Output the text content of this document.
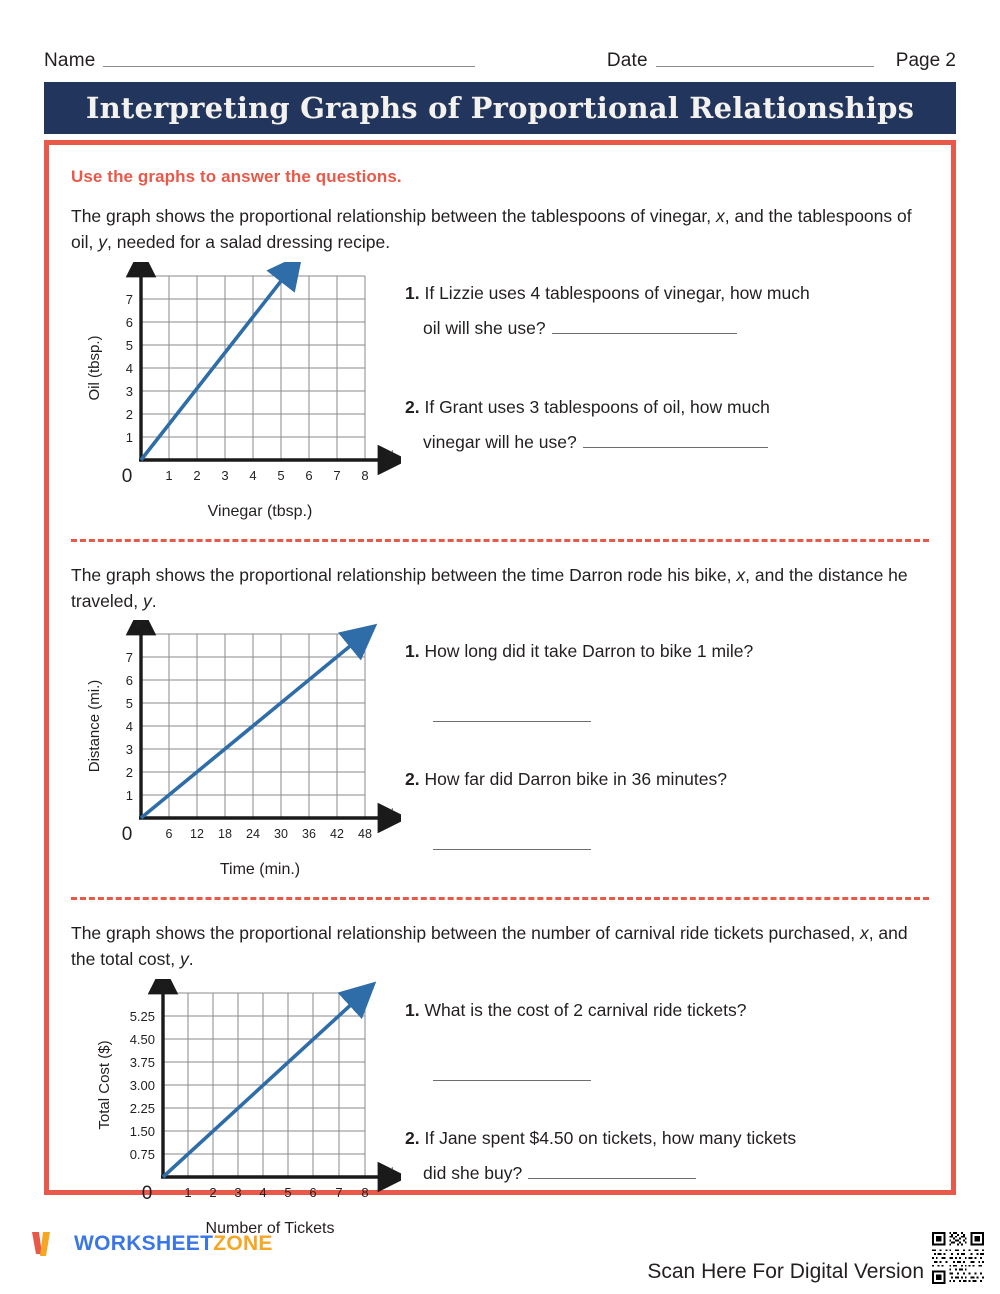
Name	Date	Page 2
Interpreting Graphs of Proportional Relationships
Use the graphs to answer the questions.
The graph shows the proportional relationship between the tablespoons of vinegar, x, and the tablespoons of oil, y, needed for a salad dressing recipe.
y
x
7
6
5
4
3
2
1
1 2 3 4 5 6 7 8
0
Oil (tbsp.)
Vinegar (tbsp.)
1. If Lizzie uses 4 tablespoons of vinegar, how much
oil will she use?
2. If Grant uses 3 tablespoons of oil, how much
vinegar will he use?
The graph shows the proportional relationship between the time Darron rode his bike, x, and the distance he traveled, y.
y
x
7
6
5
4
3
2
1
6 12 18 24 30 36 42 48
0
Distance (mi.)
Time (min.)
1. How long did it take Darron to bike 1 mile?
2. How far did Darron bike in 36 minutes?
The graph shows the proportional relationship between the number of carnival ride tickets purchased, x, and the total cost, y.
y
x
5.25
4.50
3.75
3.00
2.25
1.50
0.75
1 2 3 4 5 6 7 8
0
Total Cost ($)
Number of Tickets
1. What is the cost of 2 carnival ride tickets?
2. If Jane spent $4.50 on tickets, how many tickets
did she buy?
WORKSHEETZONE
Scan Here For Digital Version
